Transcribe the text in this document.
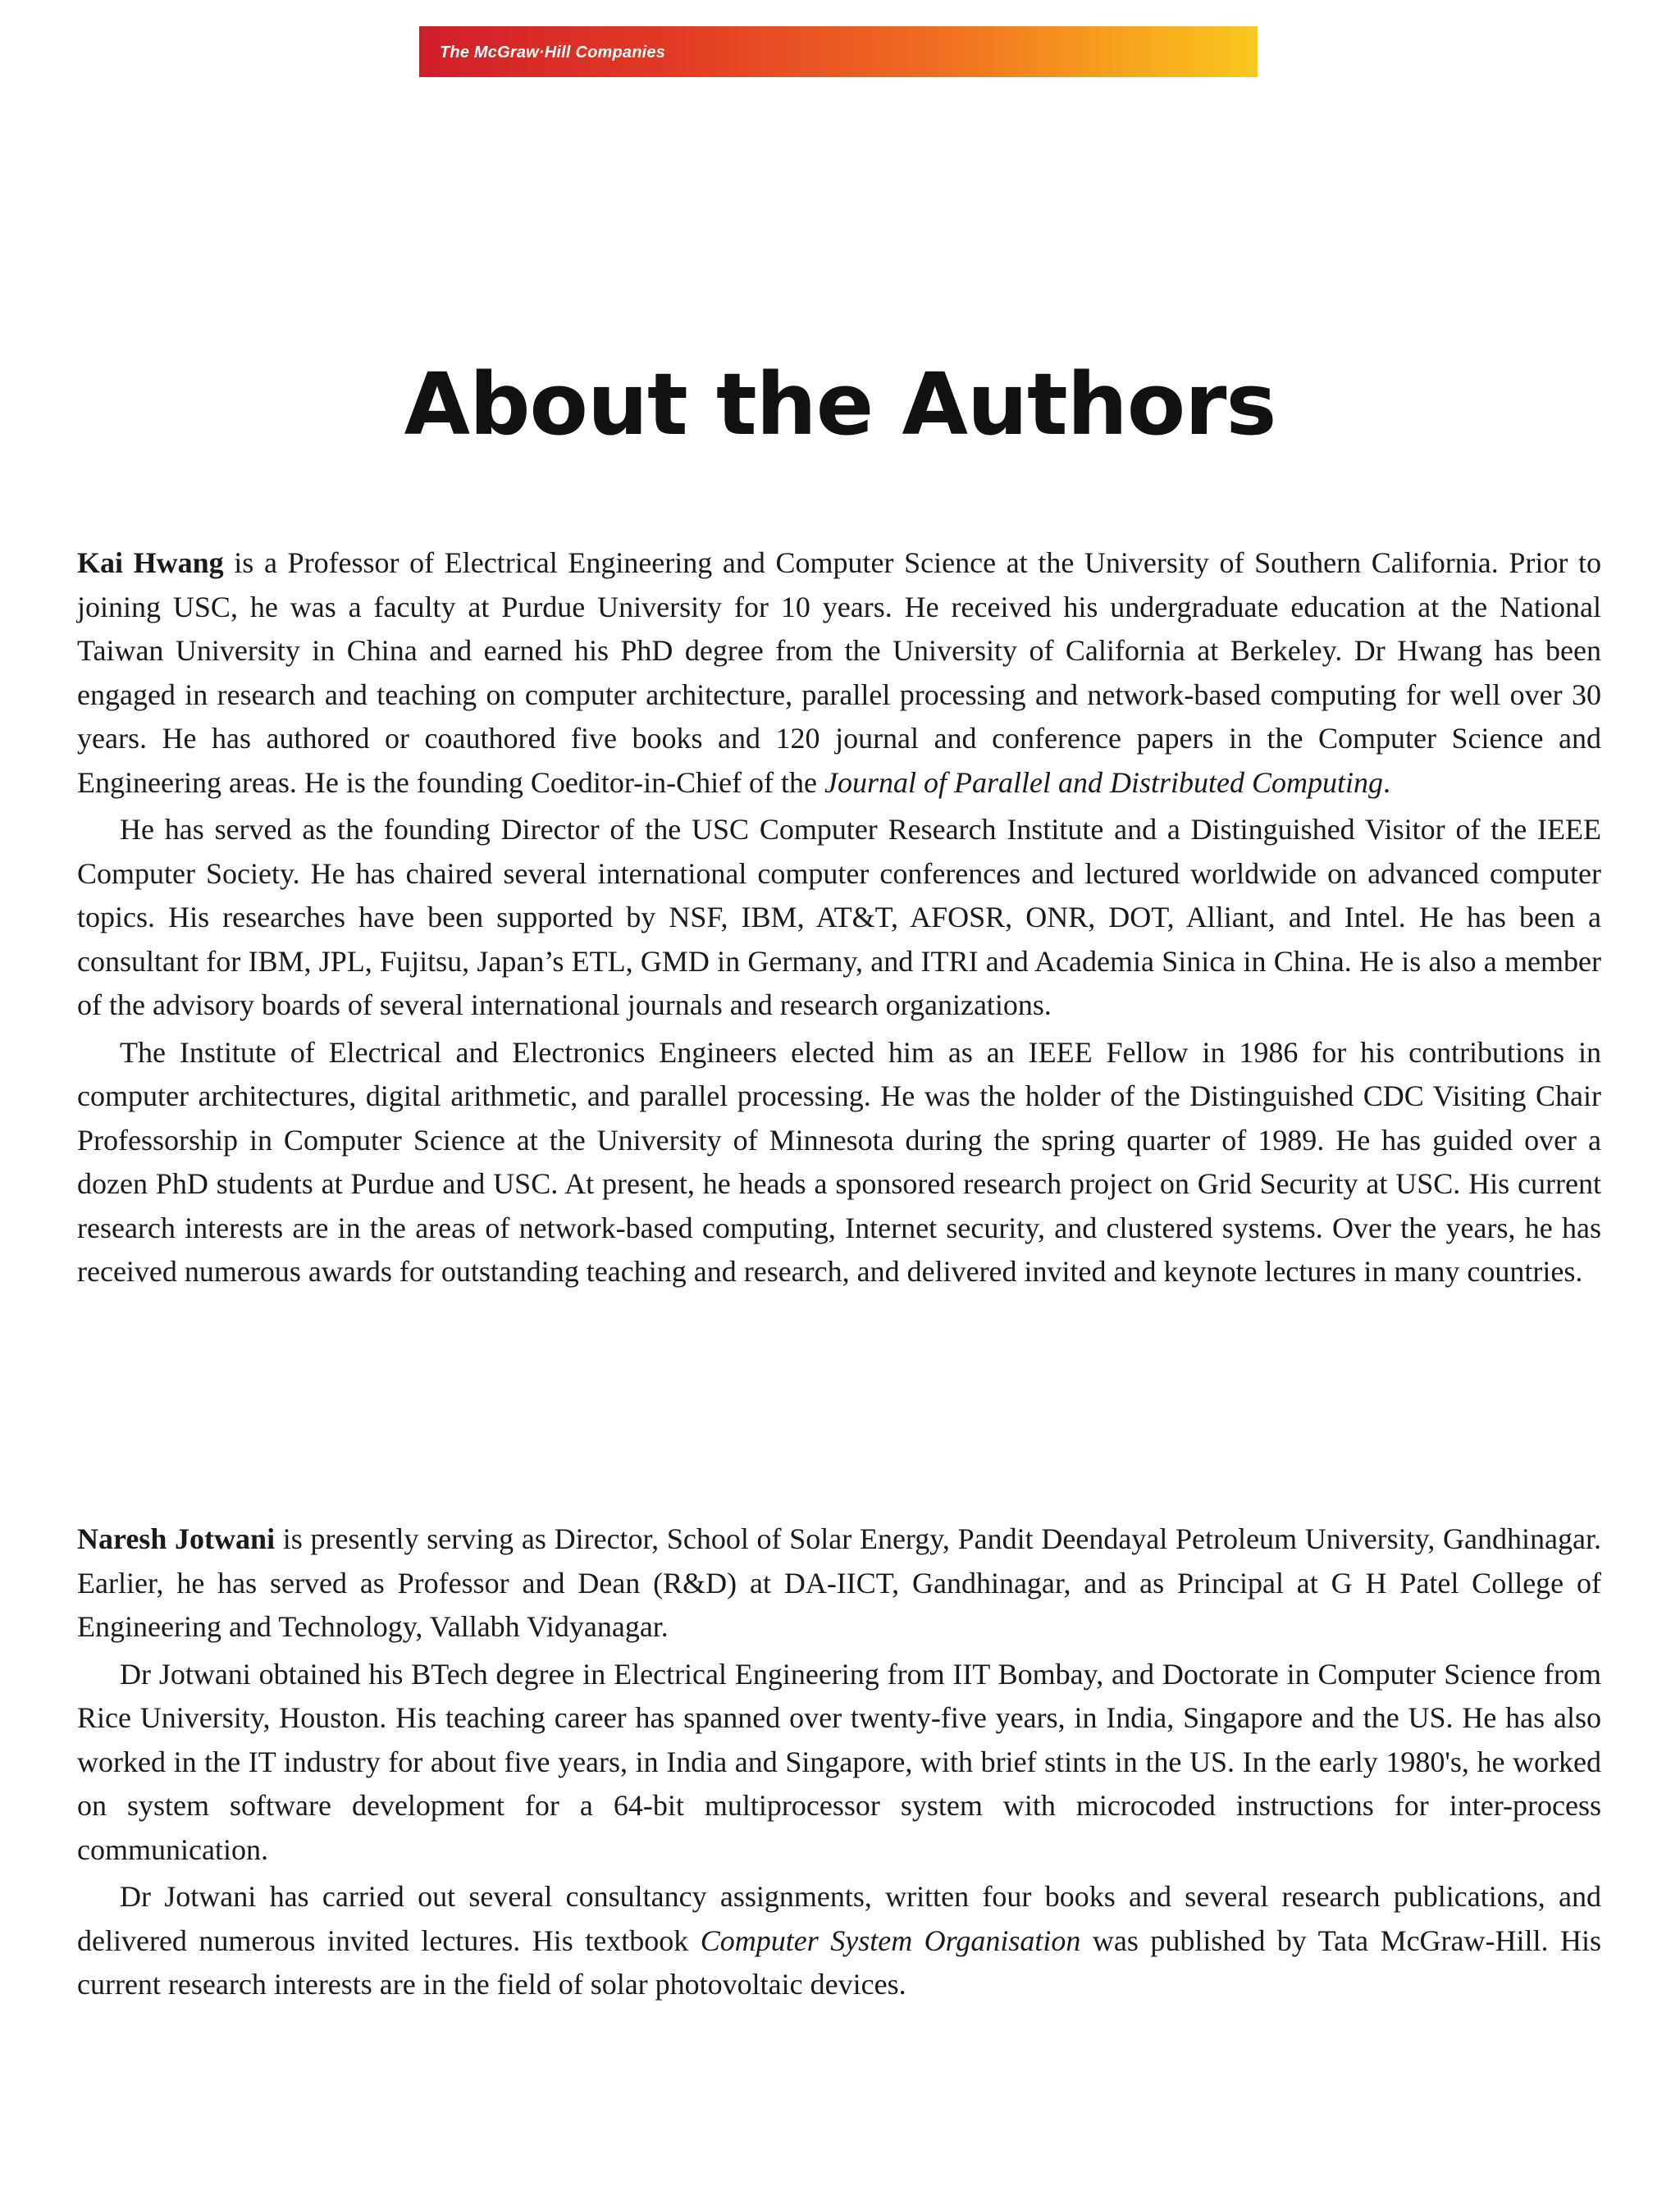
The McGraw·Hill Companies
About the Authors

Kai Hwang is a Professor of Electrical Engineering and Computer Science at the University of Southern California. Prior to joining USC, he was a faculty at Purdue University for 10 years. He received his undergraduate education at the National Taiwan University in China and earned his PhD degree from the University of California at Berkeley. Dr Hwang has been engaged in research and teaching on computer architecture, parallel processing and network-based computing for well over 30 years. He has authored or coauthored five books and 120 journal and conference papers in the Computer Science and Engineering areas. He is the founding Coeditor-in-Chief of the Journal of Parallel and Distributed Computing.

He has served as the founding Director of the USC Computer Research Institute and a Distinguished Visitor of the IEEE Computer Society. He has chaired several international computer conferences and lectured worldwide on advanced computer topics. His researches have been supported by NSF, IBM, AT&T, AFOSR, ONR, DOT, Alliant, and Intel. He has been a consultant for IBM, JPL, Fujitsu, Japan’s ETL, GMD in Germany, and ITRI and Academia Sinica in China. He is also a member of the advisory boards of several international journals and research organizations.

The Institute of Electrical and Electronics Engineers elected him as an IEEE Fellow in 1986 for his contributions in computer architectures, digital arithmetic, and parallel processing. He was the holder of the Distinguished CDC Visiting Chair Professorship in Computer Science at the University of Minnesota during the spring quarter of 1989. He has guided over a dozen PhD students at Purdue and USC. At present, he heads a sponsored research project on Grid Security at USC. His current research interests are in the areas of network-based computing, Internet security, and clustered systems. Over the years, he has received numerous awards for outstanding teaching and research, and delivered invited and keynote lectures in many countries.

Naresh Jotwani is presently serving as Director, School of Solar Energy, Pandit Deendayal Petroleum University, Gandhinagar. Earlier, he has served as Professor and Dean (R&D) at DA-IICT, Gandhinagar, and as Principal at G H Patel College of Engineering and Technology, Vallabh Vidyanagar.

Dr Jotwani obtained his BTech degree in Electrical Engineering from IIT Bombay, and Doctorate in Computer Science from Rice University, Houston. His teaching career has spanned over twenty-five years, in India, Singapore and the US. He has also worked in the IT industry for about five years, in India and Singapore, with brief stints in the US. In the early 1980's, he worked on system software development for a 64-bit multiprocessor system with microcoded instructions for inter-process communication.

Dr Jotwani has carried out several consultancy assignments, written four books and several research publications, and delivered numerous invited lectures. His textbook Computer System Organisation was published by Tata McGraw-Hill. His current research interests are in the field of solar photovoltaic devices.
